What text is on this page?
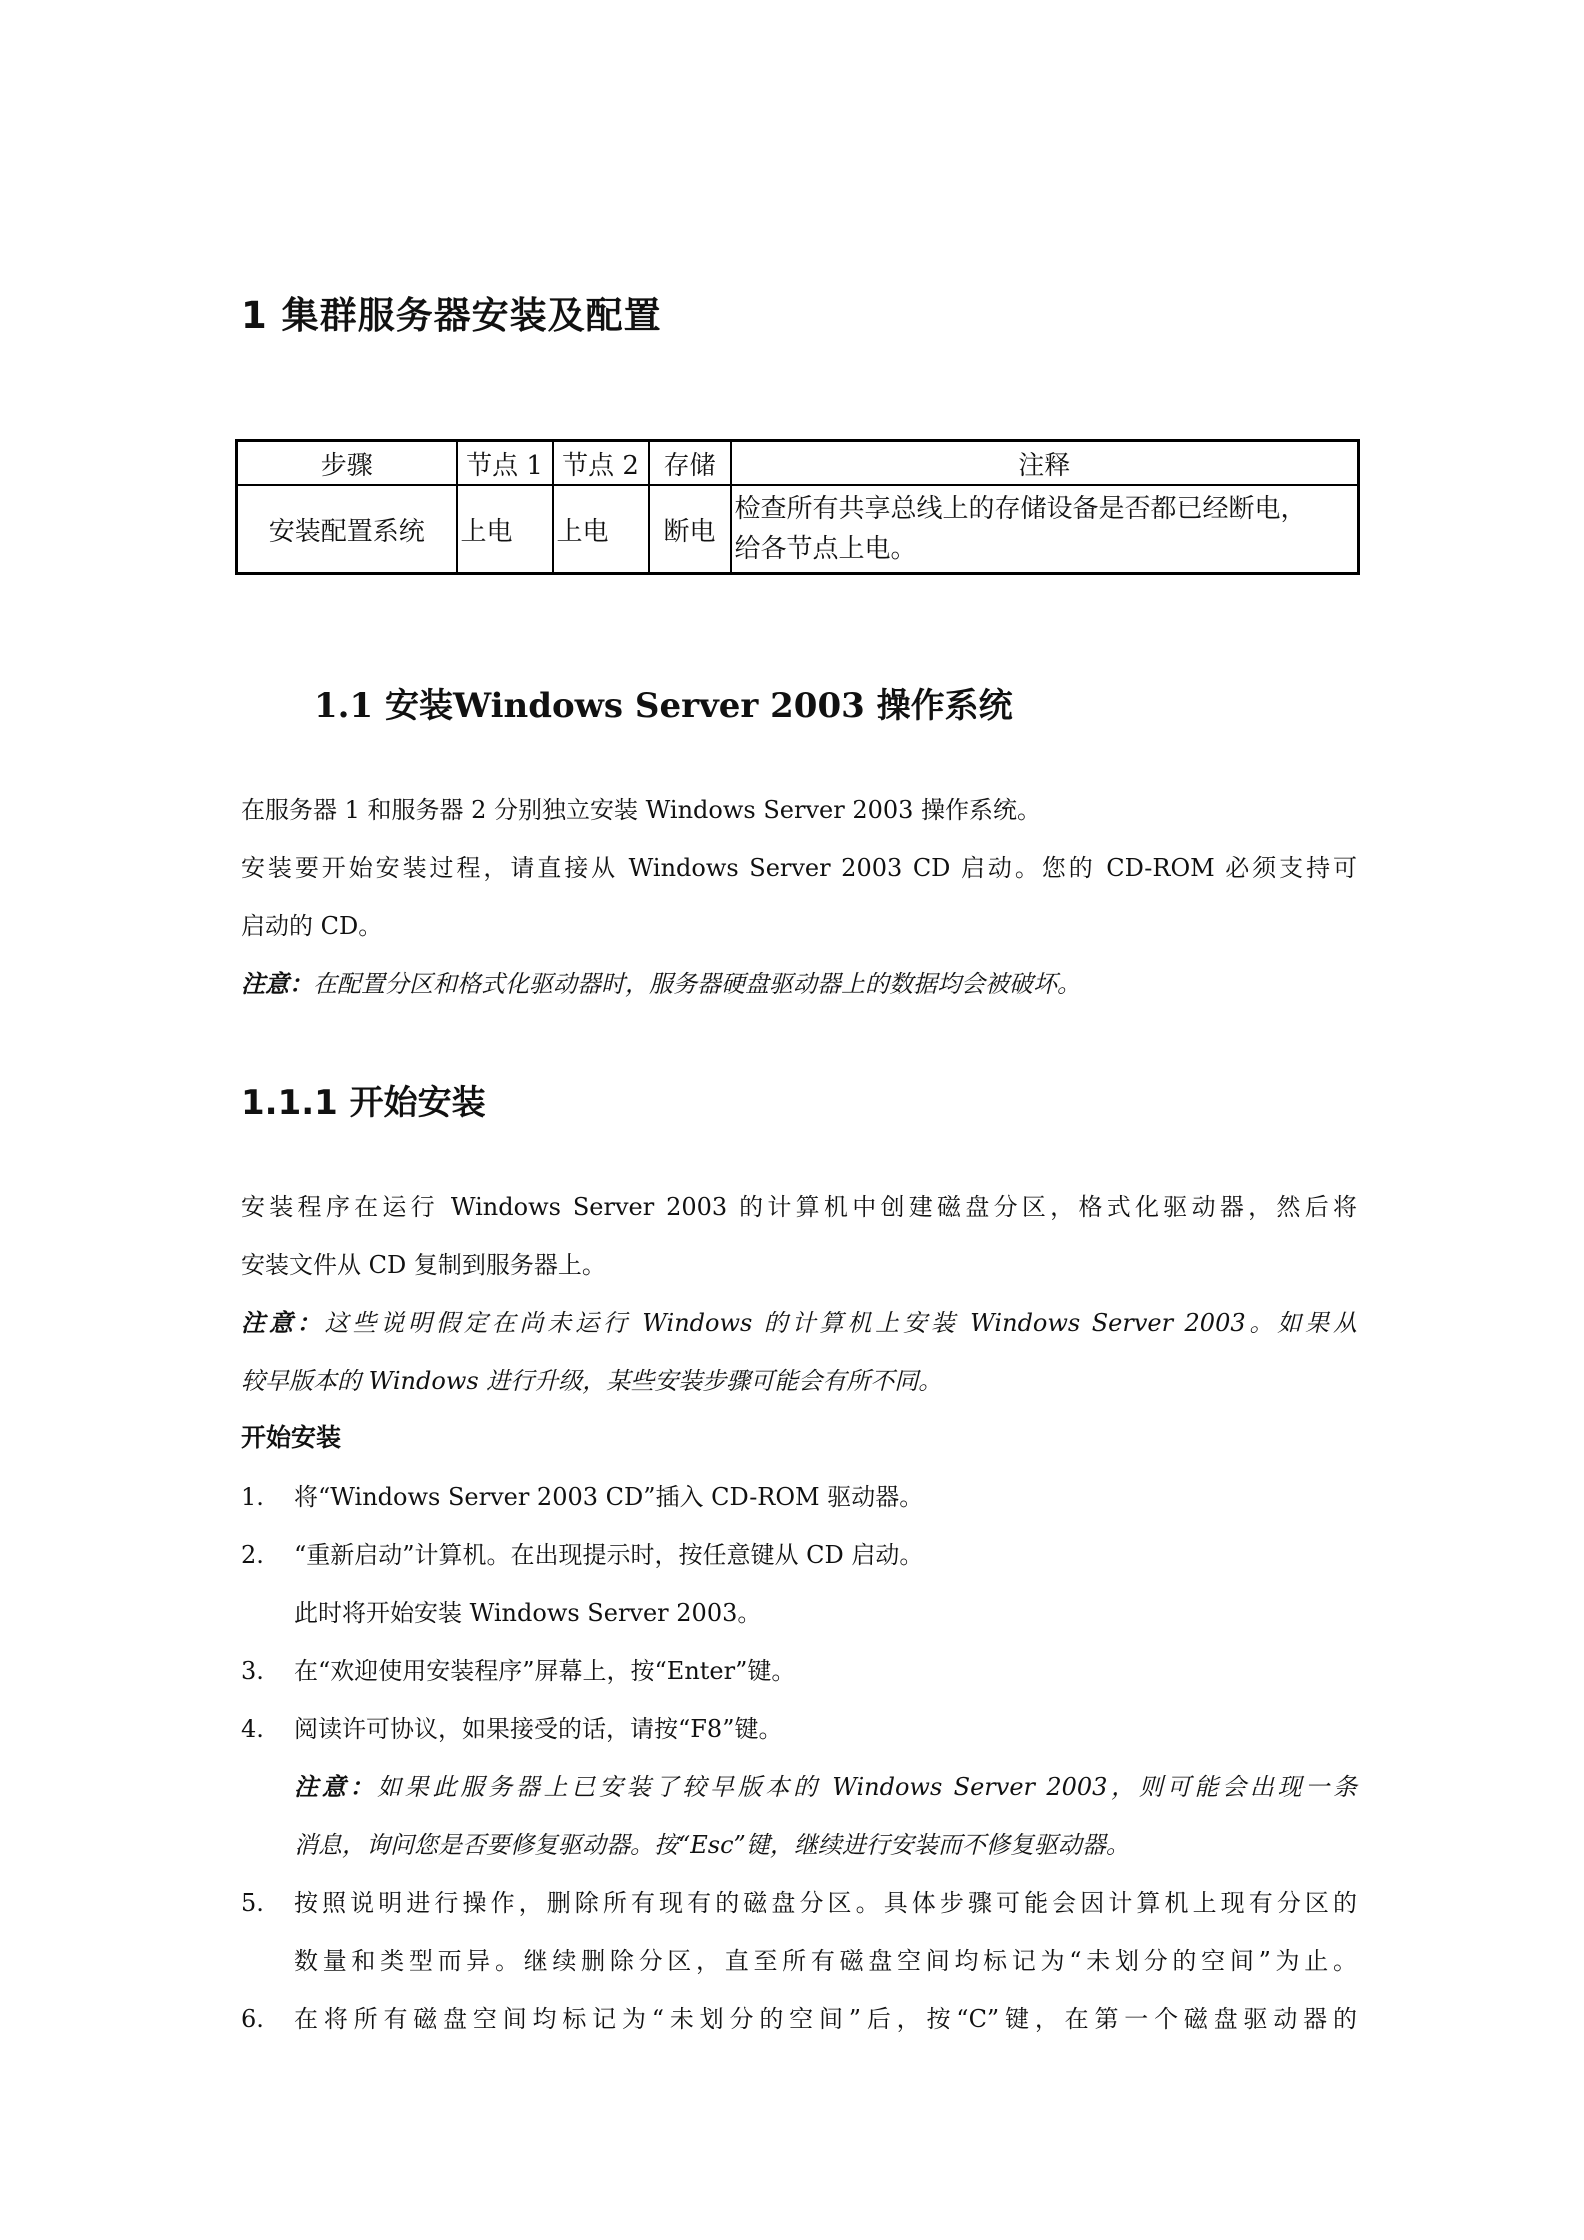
1 集群服务器安装及配置
步骤	节点 1	节点 2	存储	注释
安装配置系统	上电	上电	断电	检查所有共享总线上的存储设备是否都已经断电，
给各节点上电。
1.1 安装Windows Server 2003 操作系统

在服务器 1 和服务器 2 分别独立安装 Windows Server 2003 操作系统。

安装要开始安装过程，请直接从 Windows Server 2003 CD 启动。您的 CD-ROM 必须支持可

启动的 CD。

注意：在配置分区和格式化驱动器时，服务器硬盘驱动器上的数据均会被破坏。

1.1.1 开始安装

安装程序在运行 Windows Server 2003 的计算机中创建磁盘分区，格式化驱动器，然后将

安装文件从 CD 复制到服务器上。

注意：这些说明假定在尚未运行 Windows 的计算机上安装 Windows Server 2003。如果从

较早版本的 Windows 进行升级，某些安装步骤可能会有所不同。

开始安装

1. 将“Windows Server 2003 CD”插入 CD-ROM 驱动器。
2. “重新启动”计算机。在出现提示时，按任意键从 CD 启动。
此时将开始安装 Windows Server 2003。
3. 在“欢迎使用安装程序”屏幕上，按“Enter”键。
4. 阅读许可协议，如果接受的话，请按“F8”键。
注意：如果此服务器上已安装了较早版本的 Windows Server 2003，则可能会出现一条
消息，询问您是否要修复驱动器。按“Esc”键，继续进行安装而不修复驱动器。
5. 按照说明进行操作，删除所有现有的磁盘分区。具体步骤可能会因计算机上现有分区的
数量和类型而异。继续删除分区，直至所有磁盘空间均标记为“未划分的空间”为止。
6. 在将所有磁盘空间均标记为“未划分的空间”后，按“C”键，在第一个磁盘驱动器的
